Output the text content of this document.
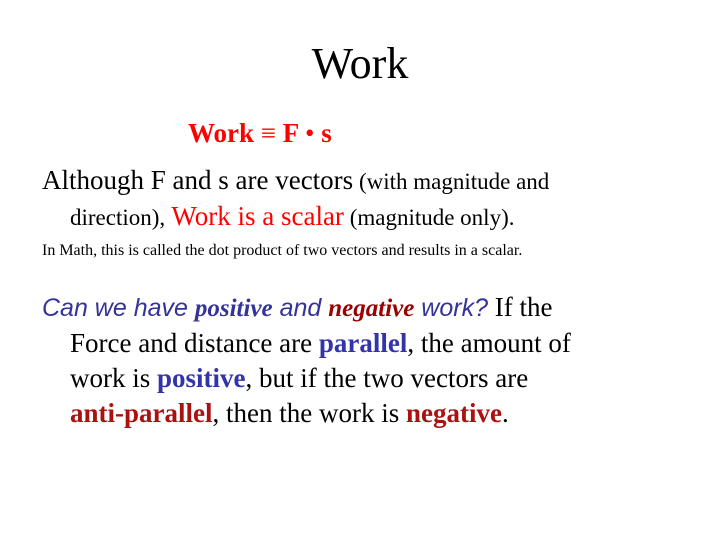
Work
Work ≡ F • s
Although F and s are vectors (with magnitude and
direction), Work is a scalar (magnitude only).
In Math, this is called the dot product of two vectors and results in a scalar.
Can we have positive and negative work? If the
Force and distance are parallel, the amount of
work is positive, but if the two vectors are
anti-parallel, then the work is negative.
